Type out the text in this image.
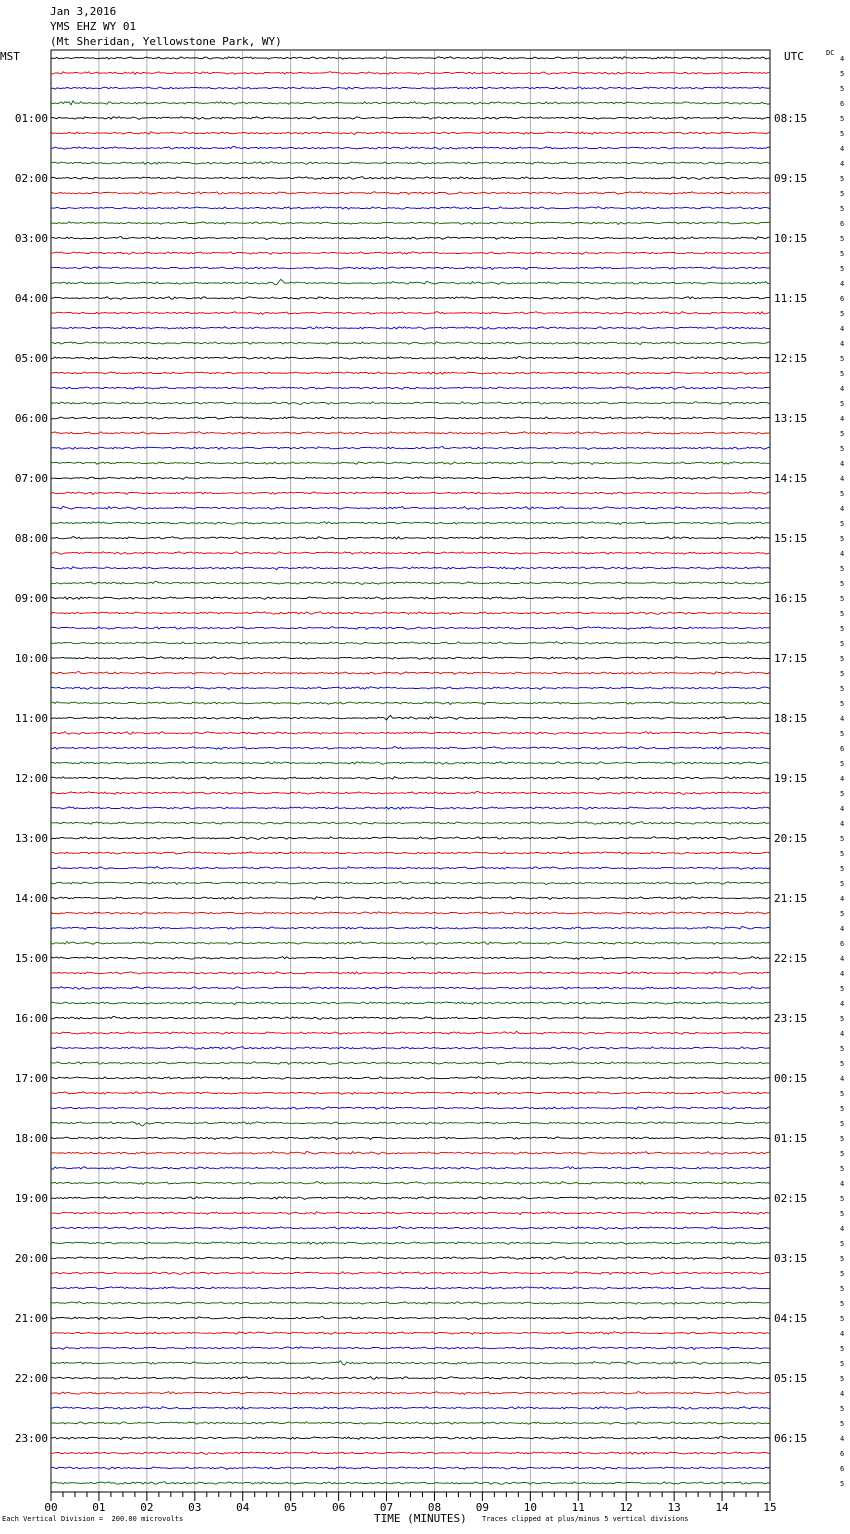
Jan 3,2016
YMS EHZ WY 01
(Mt Sheridan, Yellowstone Park, WY)
MST	UTC	DC
00	01	02	03	04	05	06	07	08	09	10	11	12	13	14	15
4
5
5
6
5
5
4
4
5
5
5
6
5
5
5
4
6
5
4
4
5
5
4
5
4
5
5
4
4
5
4
5
5
4
5
5
5
5
5
5
5
5
5
5
4
5
6
5
4
5
4
4
5
5
5
5
4
5
4
6
4
4
5
4
5
4
5
5
4
5
5
5
5
5
5
4
5
5
4
5
5
5
5
5
5
4
5
5
5
4
5
5
4
6
6
5
01:00
02:00
03:00
04:00
05:00
06:00
07:00
08:00
09:00
10:00
11:00
12:00
13:00
14:00
15:00
16:00
17:00
18:00
19:00
20:00
21:00
22:00
23:00
08:15
09:15
10:15
11:15
12:15
13:15
14:15
15:15
16:15
17:15
18:15
19:15
20:15
21:15
22:15
23:15
00:15
01:15
02:15
03:15
04:15
05:15
06:15
Each Vertical Division =  200.00 microvolts	TIME (MINUTES) Traces clipped at plus/minus 5 vertical divisions
